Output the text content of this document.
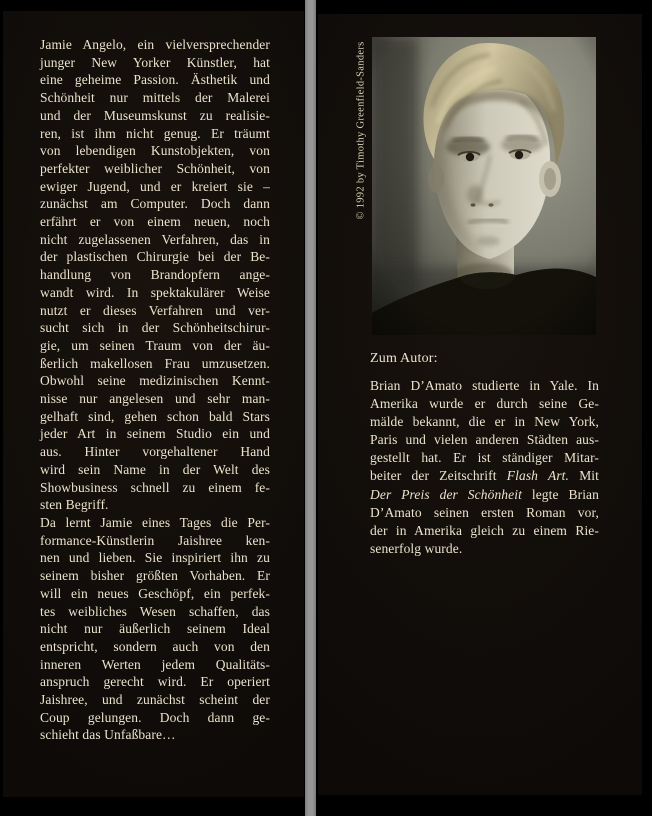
Jamie Angelo, ein vielversprechender
junger New Yorker Künstler, hat
eine geheime Passion. Ästhetik und
Schönheit nur mittels der Malerei
und der Museumskunst zu realisie-
ren, ist ihm nicht genug. Er träumt
von lebendigen Kunstobjekten, von
perfekter weiblicher Schönheit, von
ewiger Jugend, und er kreiert sie –
zunächst am Computer. Doch dann
erfährt er von einem neuen, noch
nicht zugelassenen Verfahren, das in
der plastischen Chirurgie bei der Be-
handlung von Brandopfern ange-
wandt wird. In spektakulärer Weise
nutzt er dieses Verfahren und ver-
sucht sich in der Schönheitschirur-
gie, um seinen Traum von der äu-
ßerlich makellosen Frau umzusetzen.
Obwohl seine medizinischen Kennt-
nisse nur angelesen und sehr man-
gelhaft sind, gehen schon bald Stars
jeder Art in seinem Studio ein und
aus. Hinter vorgehaltener Hand
wird sein Name in der Welt des
Showbusiness schnell zu einem fe-
sten Begriff.
Da lernt Jamie eines Tages die Per-
formance-Künstlerin Jaishree ken-
nen und lieben. Sie inspiriert ihn zu
seinem bisher größten Vorhaben. Er
will ein neues Geschöpf, ein perfek-
tes weibliches Wesen schaffen, das
nicht nur äußerlich seinem Ideal
entspricht, sondern auch von den
inneren Werten jedem Qualitäts-
anspruch gerecht wird. Er operiert
Jaishree, und zunächst scheint der
Coup gelungen. Doch dann ge-
schieht das Unfaßbare…
© 1992 by Timothy Greenfield-Sanders
Zum Autor:
Brian D’Amato studierte in Yale. In
Amerika wurde er durch seine Ge-
mälde bekannt, die er in New York,
Paris und vielen anderen Städten aus-
gestellt hat. Er ist ständiger Mitar-
beiter der Zeitschrift Flash Art. Mit
Der Preis der Schönheit legte Brian
D’Amato seinen ersten Roman vor,
der in Amerika gleich zu einem Rie-
senerfolg wurde.
